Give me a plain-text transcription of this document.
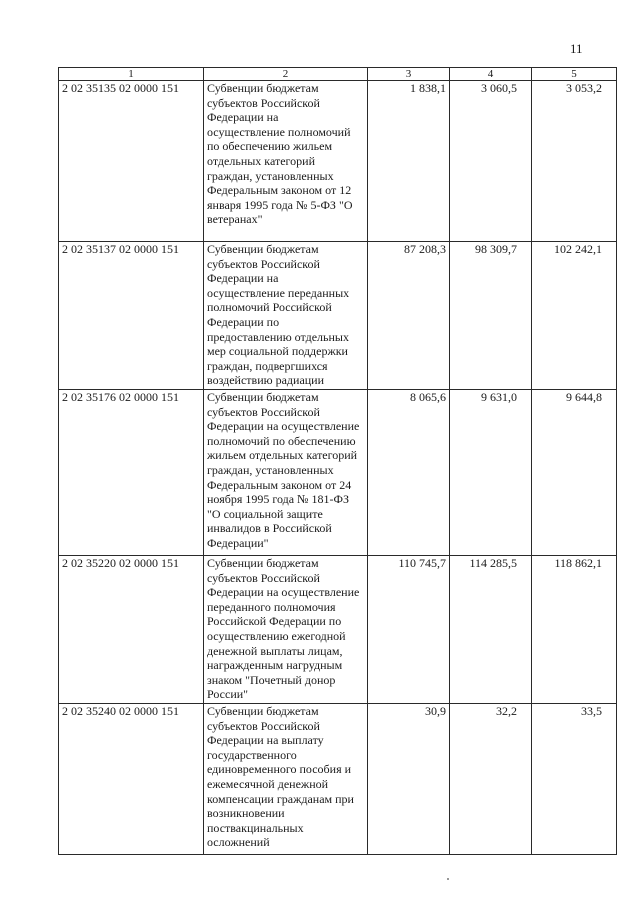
11
1	2	3	4	5
2 02 35135 02 0000 151	Субвенции бюджетам субъектов Российской Федерации на осуществление полномочий по обеспечению жильем отдельных категорий граждан, установленных Федеральным законом от 12 января 1995 года № 5-ФЗ "О ветеранах"	1 838,1	3 060,5	3 053,2
2 02 35137 02 0000 151	Субвенции бюджетам субъектов Российской Федерации на осуществление переданных полномочий Российской Федерации по предоставлению отдельных мер социальной поддержки граждан, подвергшихся воздействию радиации	87 208,3	98 309,7	102 242,1
2 02 35176 02 0000 151	Субвенции бюджетам субъектов Российской Федерации на осуществление полномочий по обеспечению жильем отдельных категорий граждан, установленных Федеральным законом от 24 ноября 1995 года № 181-ФЗ "О социальной защите инвалидов в Российской Федерации"	8 065,6	9 631,0	9 644,8
2 02 35220 02 0000 151	Субвенции бюджетам субъектов Российской Федерации на осуществление переданного полномочия Российской Федерации по осуществлению ежегодной денежной выплаты лицам, награжденным нагрудным знаком "Почетный донор России"	110 745,7	114 285,5	118 862,1
2 02 35240 02 0000 151	Субвенции бюджетам субъектов Российской Федерации на выплату государственного единовременного пособия и ежемесячной денежной компенсации гражданам при возникновении поствакцинальных осложнений	30,9	32,2	33,5
